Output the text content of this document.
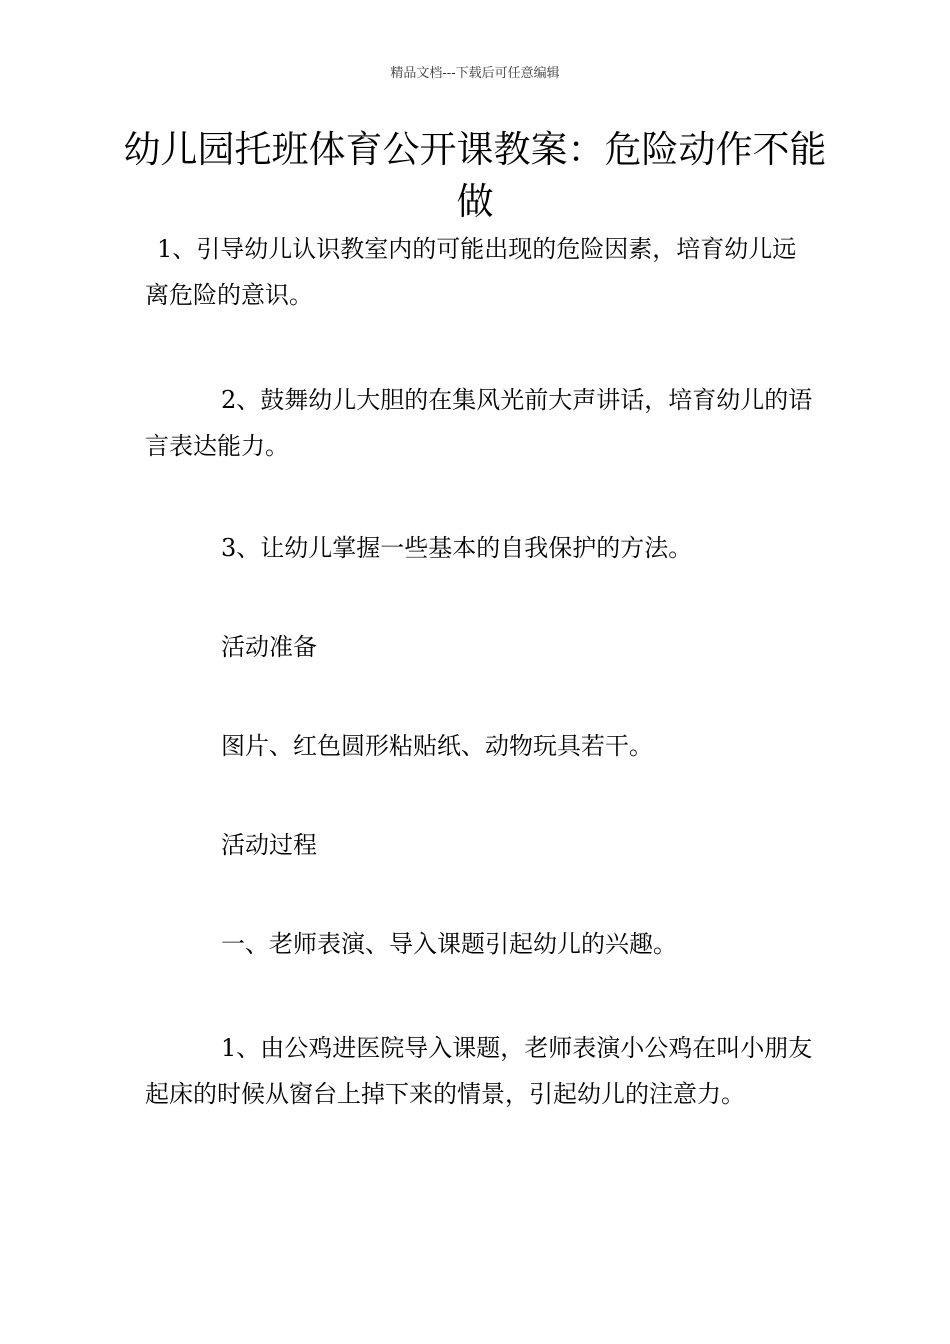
精品文档---下载后可任意编辑
幼儿园托班体育公开课教案：危险动作不能做

1、引导幼儿认识教室内的可能出现的危险因素，培育幼儿远离危险的意识。

2、鼓舞幼儿大胆的在集风光前大声讲话，培育幼儿的语言表达能力。

3、让幼儿掌握一些基本的自我保护的方法。

活动准备

图片、红色圆形粘贴纸、动物玩具若干。

活动过程

一、老师表演、导入课题引起幼儿的兴趣。

1、由公鸡进医院导入课题，老师表演小公鸡在叫小朋友起床的时候从窗台上掉下来的情景，引起幼儿的注意力。
